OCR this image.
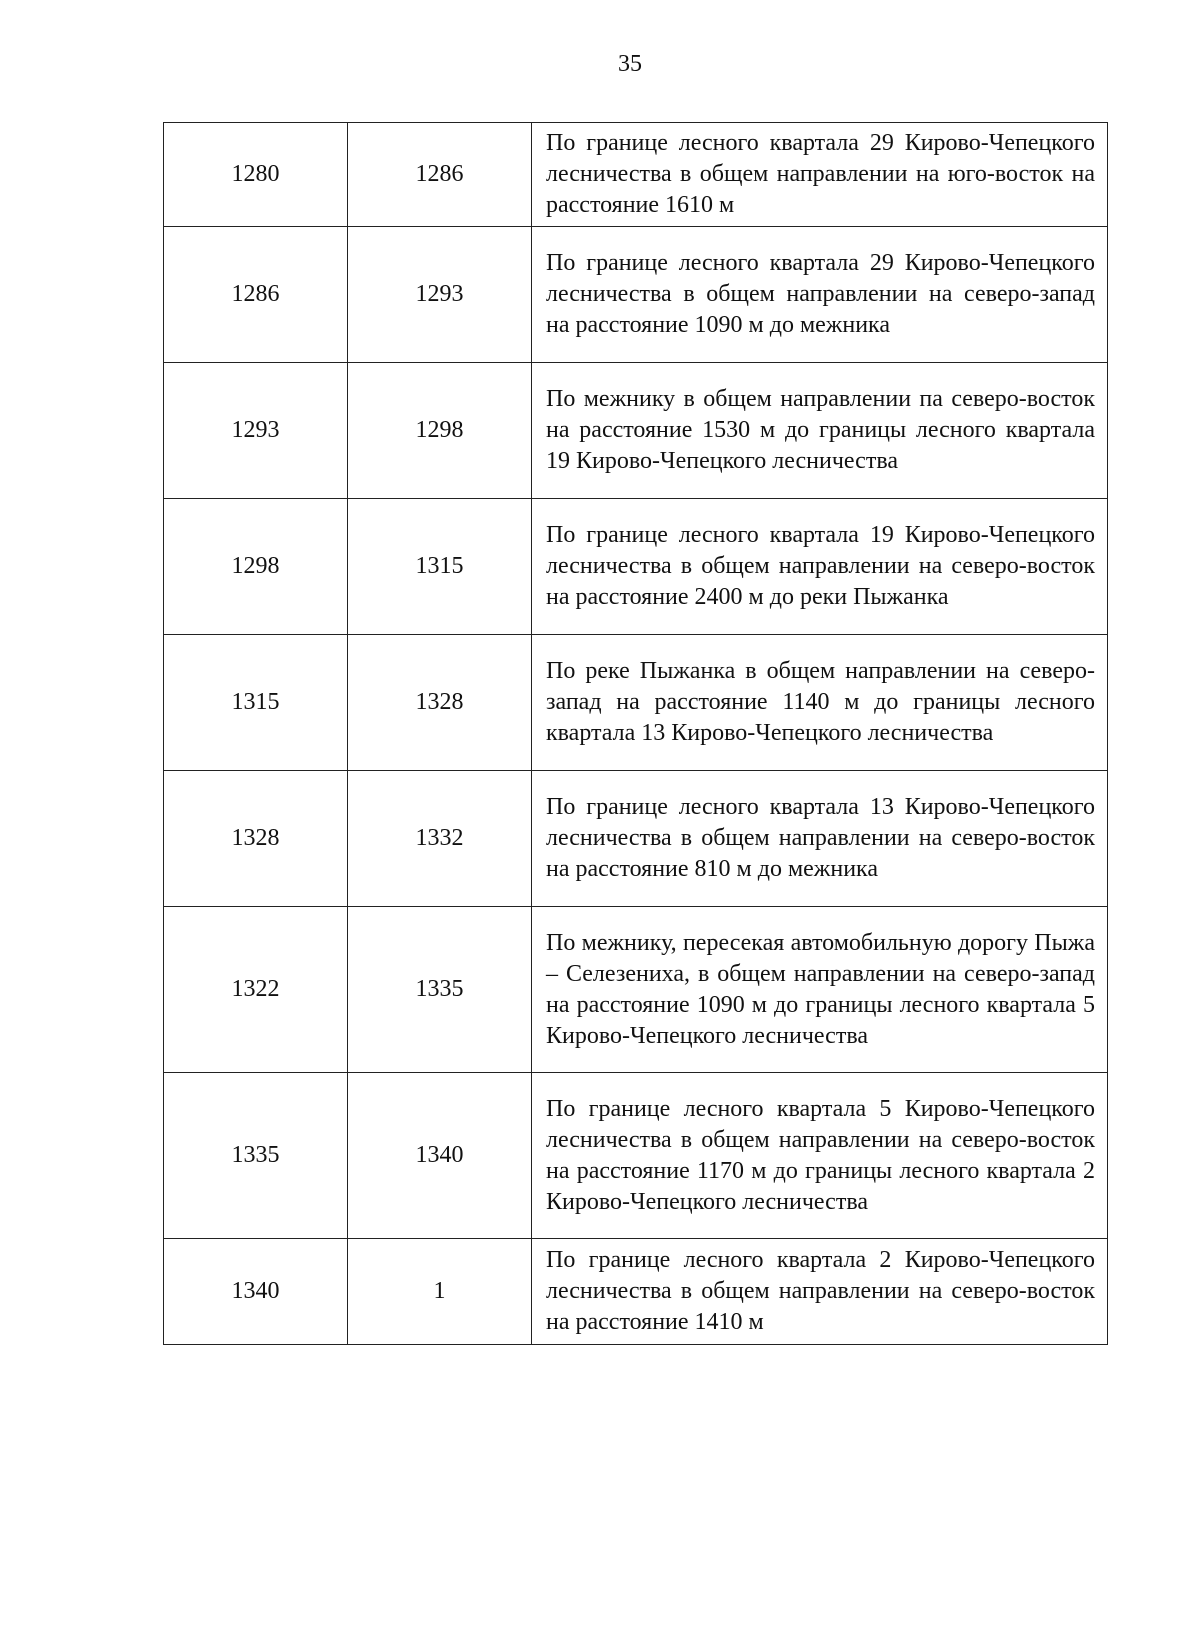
35
1280	1286	По границе лесного квартала 29 Кирово-Чепецкого лесничества в общем направлении на юго-восток на расстояние 1610 м
1286	1293	По границе лесного квартала 29 Кирово-Чепецкого лесничества в общем направлении на северо-запад на расстояние 1090 м до межника
1293	1298	По межнику в общем направлении па северо-восток на расстояние 1530 м до границы лесного квартала 19 Кирово-Чепецкого лесничества
1298	1315	По границе лесного квартала 19 Кирово-Чепецкого лесничества в общем направлении на северо-восток на расстояние 2400 м до реки Пыжанка
1315	1328	По реке Пыжанка в общем направлении на северо-запад на расстояние 1140 м до границы лесного квартала 13 Кирово-Чепецкого лесничества
1328	1332	По границе лесного квартала 13 Кирово-Чепецкого лесничества в общем направлении на северо-восток на расстояние 810 м до межника
1322	1335	По межнику, пересекая автомобильную дорогу Пыжа – Селезениха, в общем направлении на северо-запад на расстояние 1090 м до границы лесного квартала 5 Кирово-Чепецкого лесничества
1335	1340	По границе лесного квартала 5 Кирово-Чепецкого лесничества в общем направлении на северо-восток на расстояние 1170 м до границы лесного квартала 2 Кирово-Чепецкого лесничества
1340	1	По границе лесного квартала 2 Кирово-Чепецкого лесничества в общем направлении на северо-восток на расстояние 1410 м
